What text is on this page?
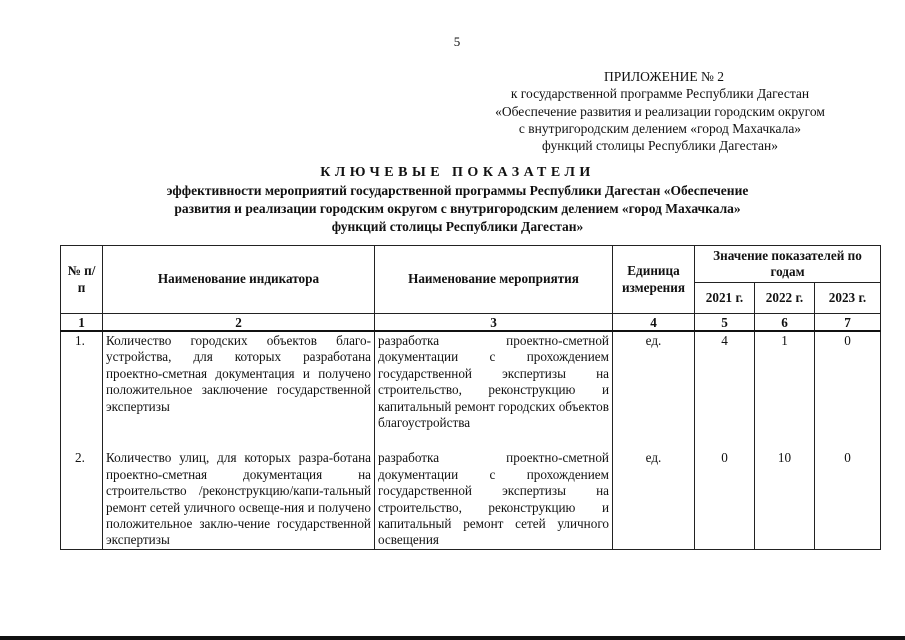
5
ПРИЛОЖЕНИЕ № 2
к государственной программе Республики Дагестан
«Обеспечение развития и реализации городским округом
с внутригородским делением «город Махачкала»
функций столицы Республики Дагестан»
КЛЮЧЕВЫЕ ПОКАЗАТЕЛИ
эффективности мероприятий государственной программы Республики Дагестан «Обеспечение
развития и реализации городским округом с внутригородским делением «город Махачкала»
функций столицы Республики Дагестан»
№ п/п	Наименование индикатора	Наименование мероприятия	Единица измерения	Значение показателей по годам		
				2021 г.	2022 г.	2023 г.
1	2	3	4	5	6	7
1.	Количество городских объектов благо-устройства, для которых разработана проектно-сметная документация и получено положительное заключение государственной экспертизы	разработка проектно-сметной документации с прохождением государственной экспертизы на строительство, реконструкцию и капитальный ремонт городских объектов благоустройства	ед.	4	1	0
2.	Количество улиц, для которых разра-ботана проектно-сметная документация на строительство /реконструкцию/капи-тальный ремонт сетей уличного освеще-ния и получено положительное заклю-чение государственной экспертизы	разработка проектно-сметной документации с прохождением государственной экспертизы на строительство, реконструкцию и капитальный ремонт сетей уличного освещения	ед.	0	10	0
